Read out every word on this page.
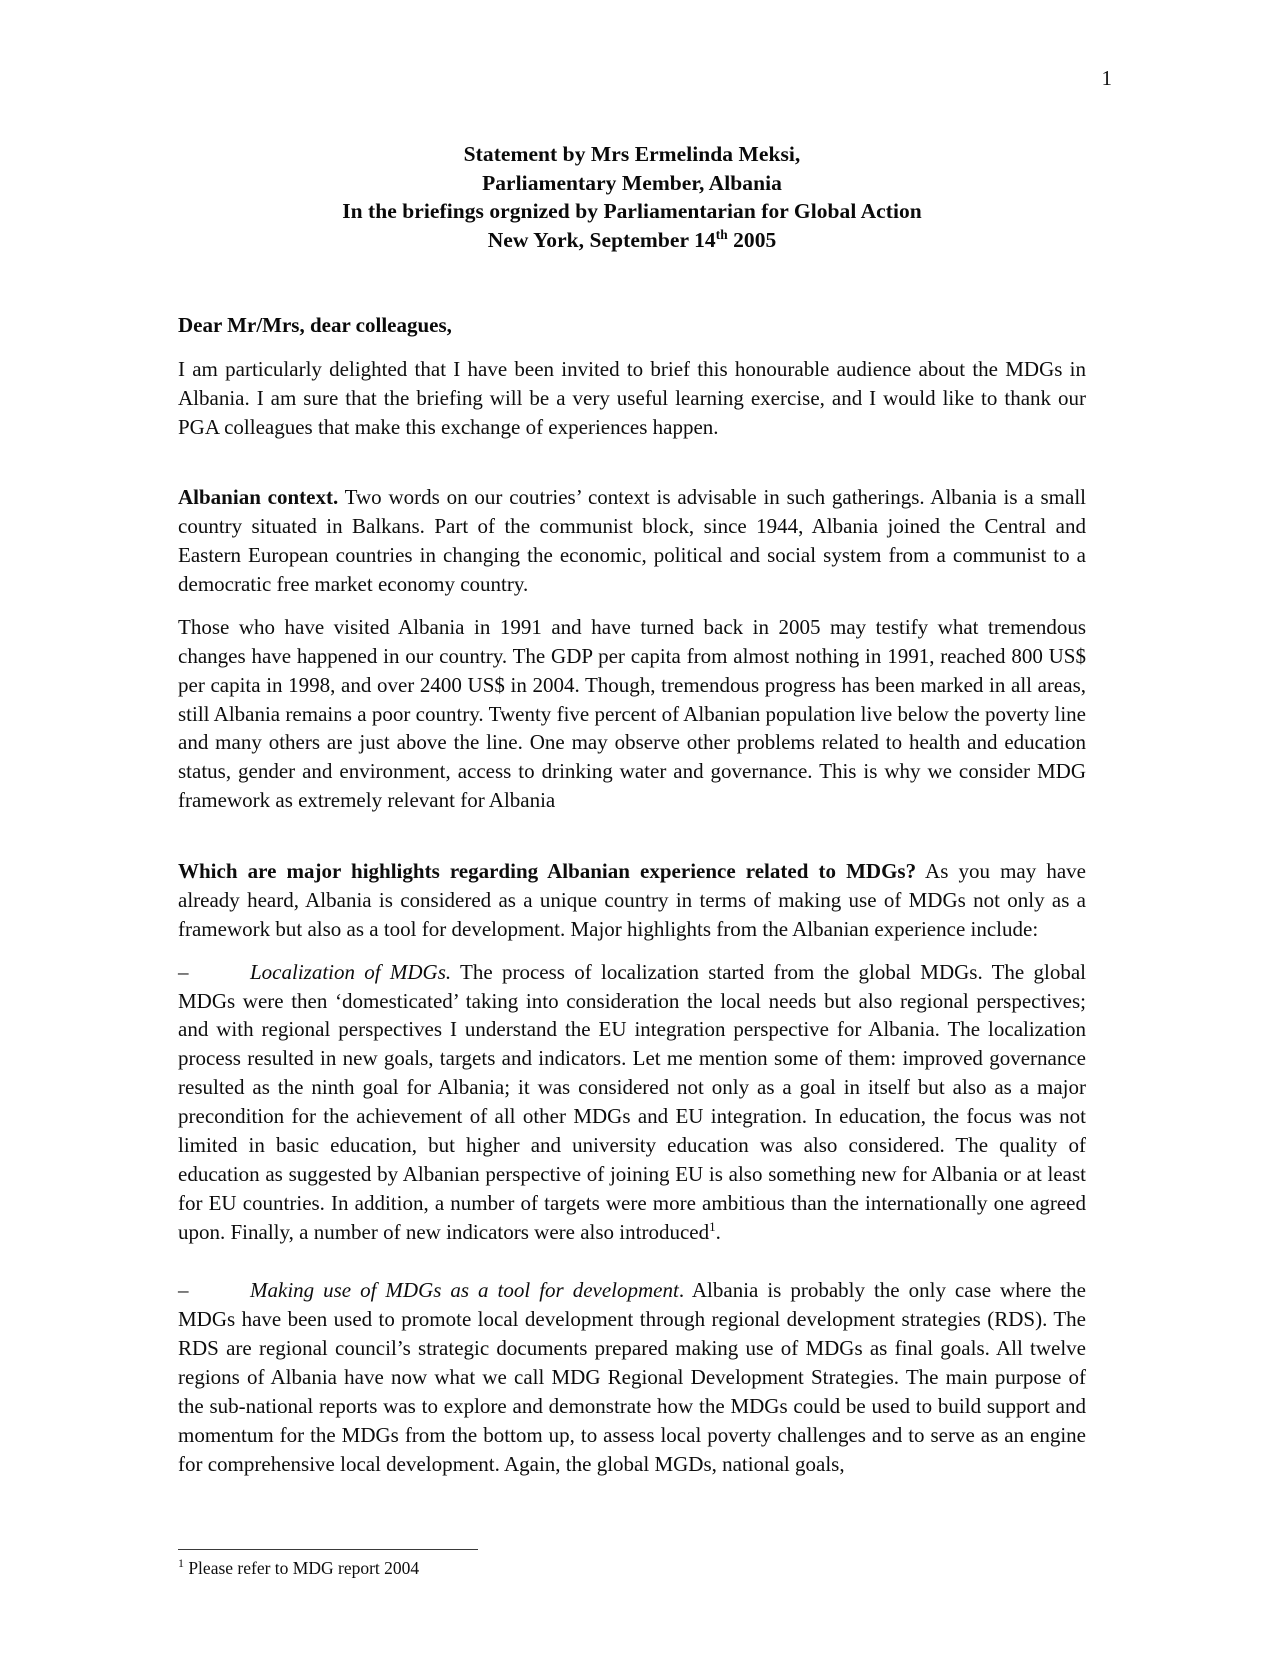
1
Statement by Mrs Ermelinda Meksi,
Parliamentary Member, Albania
In the briefings orgnized by Parliamentarian for Global Action
New York, September 14th 2005
Dear Mr/Mrs, dear colleagues,

I am particularly delighted that I have been invited to brief this honourable audience about the MDGs in Albania. I am sure that the briefing will be a very useful learning exercise, and I would like to thank our PGA colleagues that make this exchange of experiences happen.

Albanian context. Two words on our coutries’ context is advisable in such gatherings. Albania is a small country situated in Balkans. Part of the communist block, since 1944, Albania joined the Central and Eastern European countries in changing the economic, political and social system from a communist to a democratic free market economy country.

Those who have visited Albania in 1991 and have turned back in 2005 may testify what tremendous changes have happened in our country. The GDP per capita from almost nothing in 1991, reached 800 US$ per capita in 1998, and over 2400 US$ in 2004. Though, tremendous progress has been marked in all areas, still Albania remains a poor country. Twenty five percent of Albanian population live below the poverty line and many others are just above the line. One may observe other problems related to health and education status, gender and environment, access to drinking water and governance. This is why we consider MDG framework as extremely relevant for Albania

Which are major highlights regarding Albanian experience related to MDGs? As you may have already heard, Albania is considered as a unique country in terms of making use of MDGs not only as a framework but also as a tool for development. Major highlights from the Albanian experience include:

–	Localization of MDGs. The process of localization started from the global MDGs. The global MDGs were then ‘domesticated’ taking into consideration the local needs but also regional perspectives; and with regional perspectives I understand the EU integration perspective for Albania. The localization process resulted in new goals, targets and indicators. Let me mention some of them: improved governance resulted as the ninth goal for Albania; it was considered not only as a goal in itself but also as a major precondition for the achievement of all other MDGs and EU integration. In education, the focus was not limited in basic education, but higher and university education was also considered. The quality of education as suggested by Albanian perspective of joining EU is also something new for Albania or at least for EU countries. In addition, a number of targets were more ambitious than the internationally one agreed upon. Finally, a number of new indicators were also introduced$^1$.

–	Making use of MDGs as a tool for development. Albania is probably the only case where the MDGs have been used to promote local development through regional development strategies (RDS). The RDS are regional council’s strategic documents prepared making use of MDGs as final goals. All twelve regions of Albania have now what we call MDG Regional Development Strategies. The main purpose of the sub-national reports was to explore and demonstrate how the MDGs could be used to build support and momentum for the MDGs from the bottom up, to assess local poverty challenges and to serve as an engine for comprehensive local development. Again, the global MGDs, national goals,

$^1$ Please refer to MDG report 2004
